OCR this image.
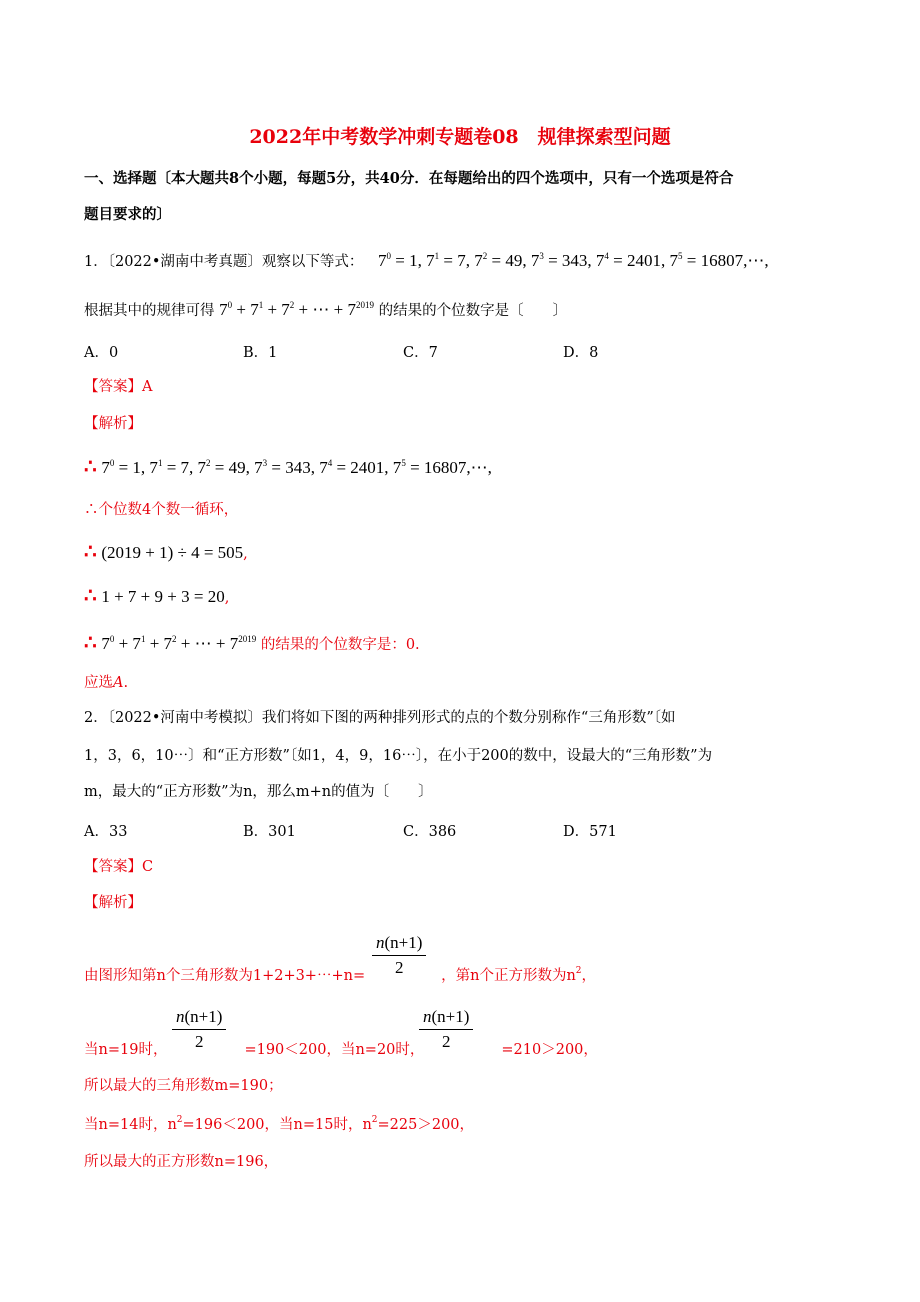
2022年中考数学冲刺专题卷08　规律探索型问题
一、选择题〔本大题共8个小题，每题5分，共40分．在每题给出的四个选项中，只有一个选项是符合
题目要求的〕
1．〔2022•湖南中考真题〕观察以下等式： $7^0 = 1$, $7^1 = 7$, $7^2 = 49$, $7^3 = 343$, $7^4 = 2401$, $7^5$ = 16807,⋯,
根据其中的规律可得 $7^0 + 7^1 + 7^2$ + ⋯ + $7^{2019}$ 的结果的个位数字是〔　　〕
A．0	B．1	C．7	D．8
【答案】A
【解析】
∴ $7^0 = 1$, $7^1 = 7$, $7^2 = 49$, $7^3 = 343$, $7^4 = 2401$, $7^5$ = 16807,⋯,
∴个位数4个数一循环，
∴ (2019 + 1) ÷ 4 = 505,
∴ 1 + 7 + 9 + 3 = 20,
∴ $7^0 + 7^1 + 7^2$ + ⋯ + $7^{2019}$ 的结果的个位数字是：0.
应选A.
2．〔2022•河南中考模拟〕我们将如下图的两种排列形式的点的个数分别称作“三角形数”〔如
1，3，6，10⋯〕和“正方形数”〔如1，4，9，16⋯〕，在小于200的数中，设最大的“三角形数”为
m，最大的“正方形数”为n，那么m+n的值为〔　　〕
A．33	B．301	C．386	D．571
【答案】C
【解析】
$\frac{n(n+1)}{2}$
由图形知第n个三角形数为1+2+3+⋯+n=	，第n个正方形数为$n^2$，
$\frac{n(n+1)}{2}$	$\frac{n(n+1)}{2}$
当n=19时，	=190＜200，当n=20时，	=210＞200，
所以最大的三角形数m=190；
当n=14时，$n^2=196<200$，当n=15时，$n^2=225>200$，
所以最大的正方形数n=196，
